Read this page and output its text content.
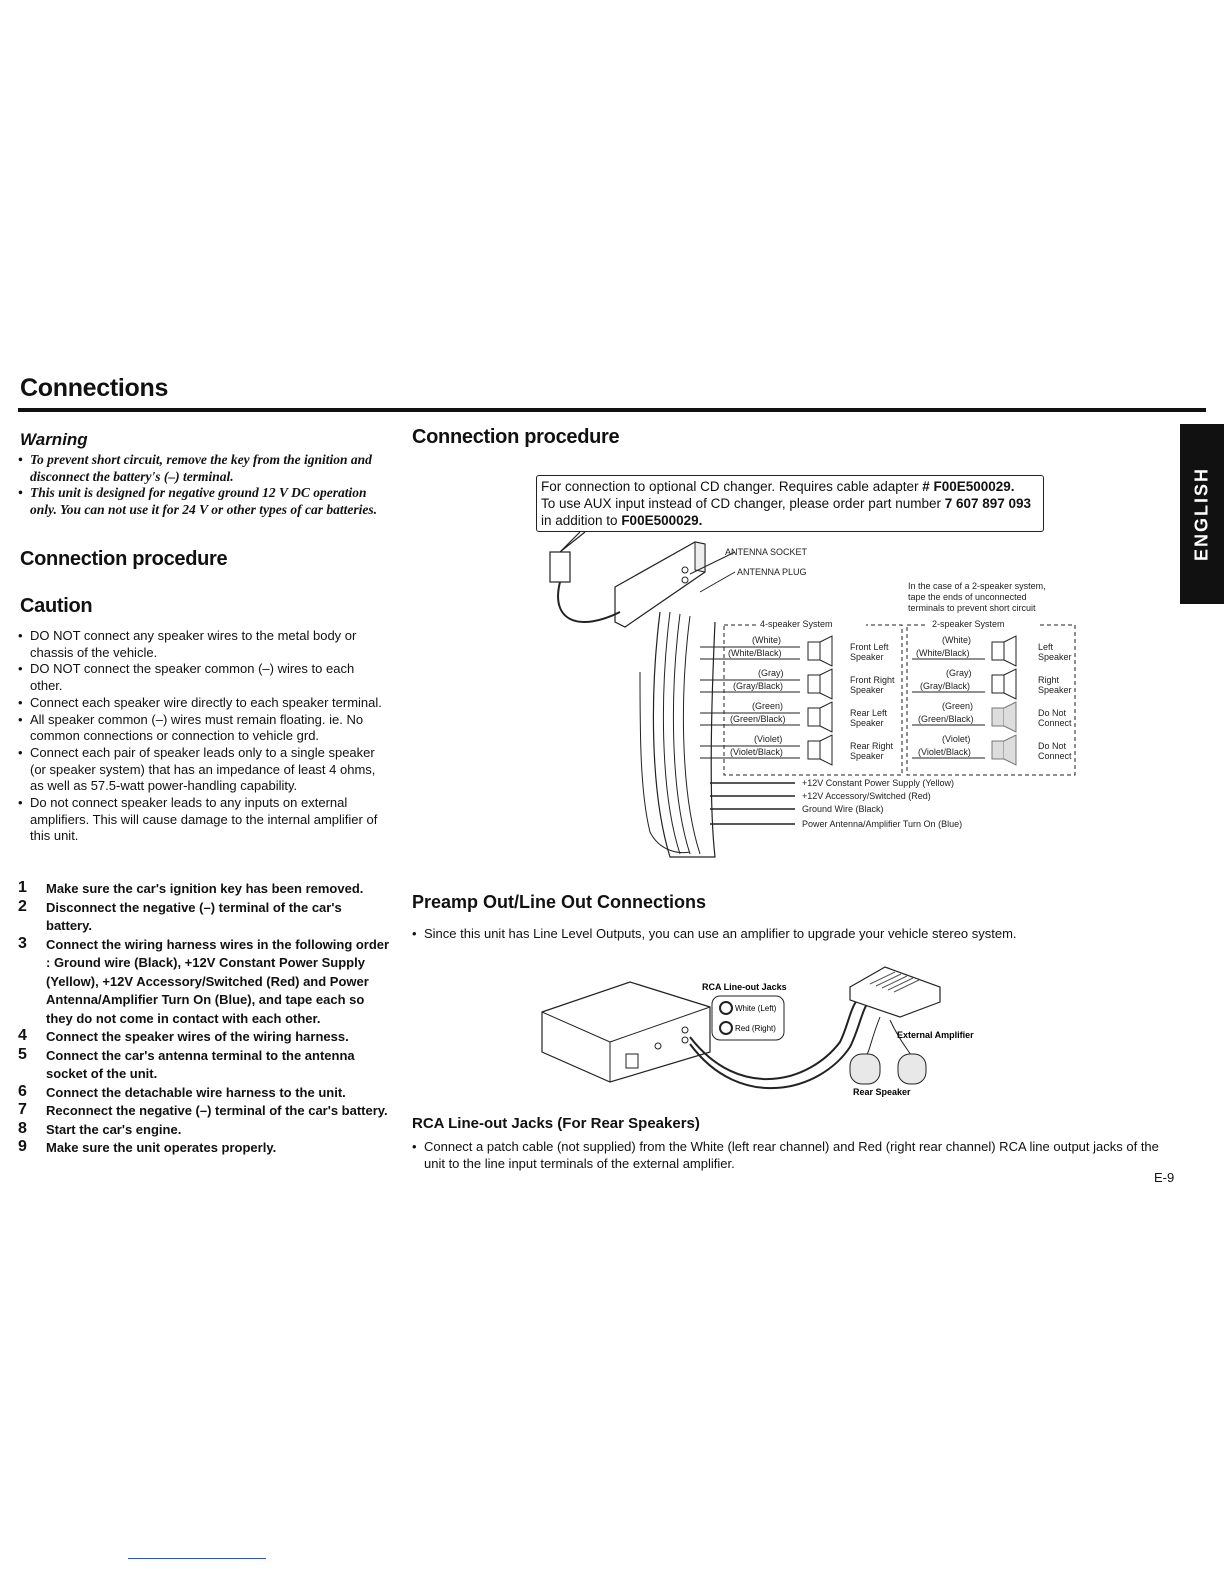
Connections
ENGLISH
Warning
• To prevent short circuit, remove the key from the ignition and disconnect the battery's (–) terminal.
• This unit is designed for negative ground 12 V DC operation only. You can not use it for 24 V or other types of car batteries.
Connection procedure
Caution
• DO NOT connect any speaker wires to the metal body or chassis of the vehicle.
• DO NOT connect the speaker common (–) wires to each other.
• Connect each speaker wire directly to each speaker terminal.
• All speaker common (–) wires must remain floating. ie. No common connections or connection to vehicle grd.
• Connect each pair of speaker leads only to a single speaker (or speaker system) that has an impedance of least 4 ohms, as well as 57.5-watt power-handling capability.
• Do not connect speaker leads to any inputs on external amplifiers. This will cause damage to the internal amplifier of this unit.
1 Make sure the car's ignition key has been removed.
2 Disconnect the negative (–) terminal of the car's battery.
3 Connect the wiring harness wires in the following order : Ground wire (Black), +12V Constant Power Supply (Yellow), +12V Accessory/Switched (Red) and Power Antenna/Amplifier Turn On (Blue), and tape each so they do not come in contact with each other.
4 Connect the speaker wires of the wiring harness.
5 Connect the car's antenna terminal to the antenna socket of the unit.
6 Connect the detachable wire harness to the unit.
7 Reconnect the negative (–) terminal of the car's battery.
8 Start the car's engine.
9 Make sure the unit operates properly.
Connection procedure
For connection to optional CD changer. Requires cable adapter # F00E500029.
To use AUX input instead of CD changer, please order part number 7 607 897 093
in addition to F00E500029.
ANTENNA SOCKET
ANTENNA PLUG
In the case of a 2-speaker system,
tape the ends of unconnected
terminals to prevent short circuit
4-speaker System	2-speaker System
(White)
(White/Black)
Front Left
Speaker
(Gray)
(Gray/Black)
Front Right
Speaker
(Green)
(Green/Black)
Rear Left
Speaker
(Violet)
(Violet/Black)
Rear Right
Speaker
(White)
(White/Black)
Left
Speaker
(Gray)
(Gray/Black)
Right
Speaker
(Green)
(Green/Black)
Do Not
Connect
(Violet)
(Violet/Black)
Do Not
Connect
+12V Constant Power Supply (Yellow)
+12V Accessory/Switched (Red)
Ground Wire (Black)
Power Antenna/Amplifier Turn On (Blue)
Preamp Out/Line Out Connections
• Since this unit has Line Level Outputs, you can use an amplifier to upgrade your vehicle stereo system.
RCA Line-out Jacks
White (Left)
Red (Right)
External Amplifier
Rear Speaker
RCA Line-out Jacks (For Rear Speakers)
• Connect a patch cable (not supplied) from the White (left rear channel) and Red (right rear channel) RCA line output jacks of the unit to the line input terminals of the external amplifier.
E-9
